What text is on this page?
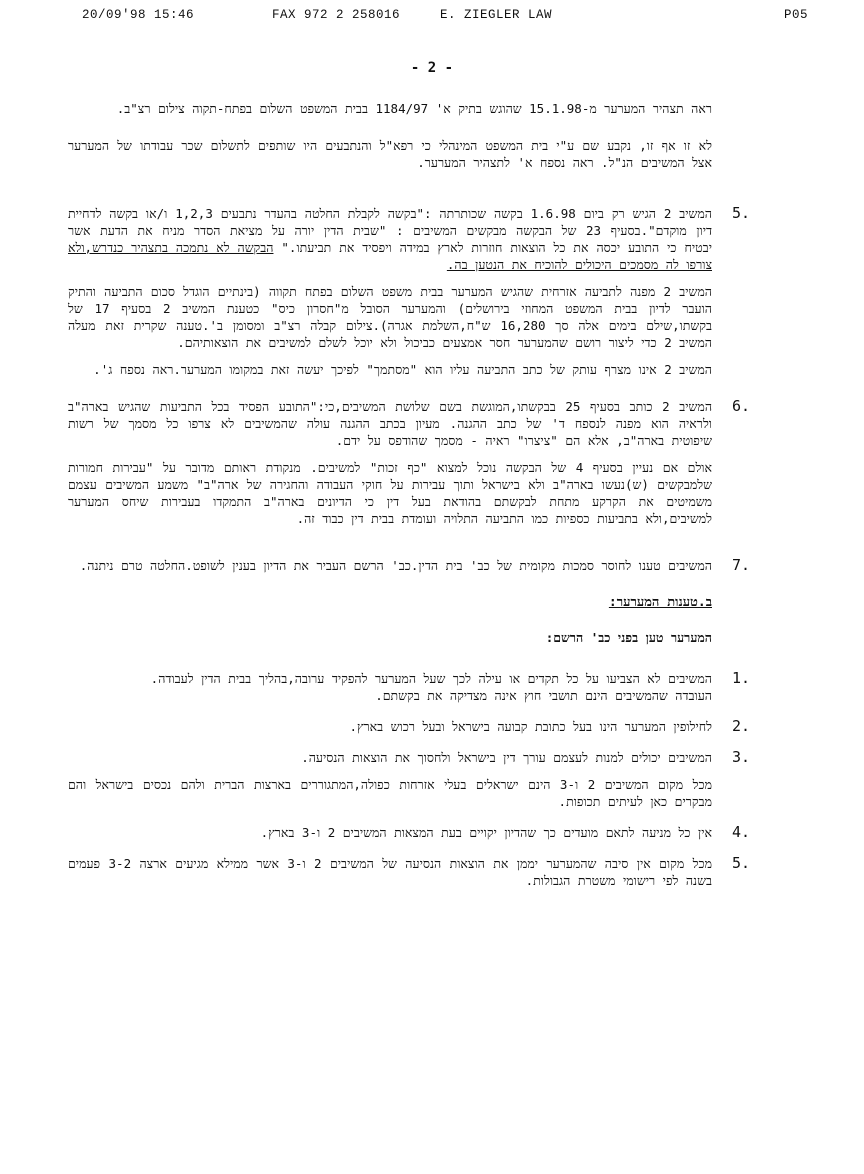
20/09'98 15:46	FAX 972 2 258016	E. ZIEGLER LAW	P05
- 2 -

ראה תצהיר המערער מ-15.1.98 שהוגש בתיק א' 1184/97 בבית המשפט השלום בפתח-תקוה צילום רצ"ב.

לא זו אף זו, נקבע שם ע"י בית המשפט המינהלי כי רפא"ל והנתבעים היו שותפים לתשלום שכר עבודתו של המערער אצל המשיבים הנ"ל. ראה נספח א' לתצהיר המערער.

5.
המשיב 2 הגיש רק ביום 1.6.98 בקשה שכותרתה :"בקשה לקבלת החלטה בהעדר נתבעים 1,2,3 ו/או בקשה לדחיית דיון מוקדם".בסעיף 23 של הבקשה מבקשים המשיבים : "שבית הדין יורה על מציאת הסדר מניח את הדעת אשר יבטיח כי התובע יכסה את כל הוצאות חוזרות לארץ במידה ויפסיד את תביעתו." הבקשה לא נתמכה בתצהיר כנדרש,ולא צורפו לה מסמכים היכולים להוכיח את הנטען בה.

המשיב 2 מפנה לתביעה אזרחית שהגיש המערער בבית משפט השלום בפתח תקווה (בינתיים הוגדל סכום התביעה והתיק הועבר לדיון בבית המשפט המחוזי בירושלים) והמערער הסובל מ"חסרון כיס" כטענת המשיב 2 בסעיף 17 של בקשתו,שילם בימים אלה סך 16,280 ש"ח,השלמת אגרה).צילום קבלה רצ"ב ומסומן ב'.טענה שקרית זאת מעלה המשיב 2 כדי ליצור רושם שהמערער חסר אמצעים כביכול ולא יוכל לשלם למשיבים את הוצאותיהם.

המשיב 2 אינו מצרף עותק של כתב התביעה עליו הוא "מסתמך" לפיכך יעשה זאת במקומו המערער.ראה נספח ג'.

6.
המשיב 2 כותב בסעיף 25 בבקשתו,המוגשת בשם שלושת המשיבים,כי:"התובע הפסיד בכל התביעות שהגיש בארה"ב ולראיה הוא מפנה לנספח ד' של כתב ההגנה. מעיון בכתב ההגנה עולה שהמשיבים לא צרפו כל מסמך של רשות שיפוטית בארה"ב, אלא הם "ציצרו" ראיה - מסמך שהודפס על ידם.

אולם אם נעיין בסעיף 4 של הבקשה נוכל למצוא "כף זכות" למשיבים. מנקודת ראותם מדובר על "עבירות חמורות שלמבקשים (ש)נעשו בארה"ב ולא בישראל ותוך עבירות על חוקי העבודה והחגירה של ארה"ב" משמע המשיבים עצמם משמיטים את הקרקע מתחת לבקשתם בהודאת בעל דין כי הדיונים בארה"ב התמקדו בעבירות שיחס המערער למשיבים,ולא בתביעות כספיות כמו התביעה התלויה ועומדת בבית דין כבוד זה.

7.
המשיבים טענו לחוסר סמכות מקומית של כב' בית הדין.כב' הרשם העביר את הדיון בענין לשופט.החלטה טרם ניתנה.

ב.טענות המערער:

המערער טען בפני כב' הרשם:

1.
המשיבים לא הצביעו על כל תקדים או עילה לכך שעל המערער להפקיד ערובה,בהליך בבית הדין לעבודה.
העובדה שהמשיבים הינם תושבי חוץ אינה מצדיקה את בקשתם.
2.
לחילופין המערער הינו בעל כתובת קבועה בישראל ובעל רכוש בארץ.
3.
המשיבים יכולים למנות לעצמם עורך דין בישראל ולחסוך את הוצאות הנסיעה.

מכל מקום המשיבים 2 ו-3 הינם ישראלים בעלי אזרחות כפולה,המתגוררים בארצות הברית ולהם נכסים בישראל והם מבקרים כאן לעיתים תכופות.

4.
אין כל מניעה לתאם מועדים כך שהדיון יקויים בעת המצאות המשיבים 2 ו-3 בארץ.
5.
מכל מקום אין סיבה שהמערער יממן את הוצאות הנסיעה של המשיבים 2 ו-3 אשר ממילא מגיעים ארצה 3-2 פעמים בשנה לפי רישומי משטרת הגבולות.
